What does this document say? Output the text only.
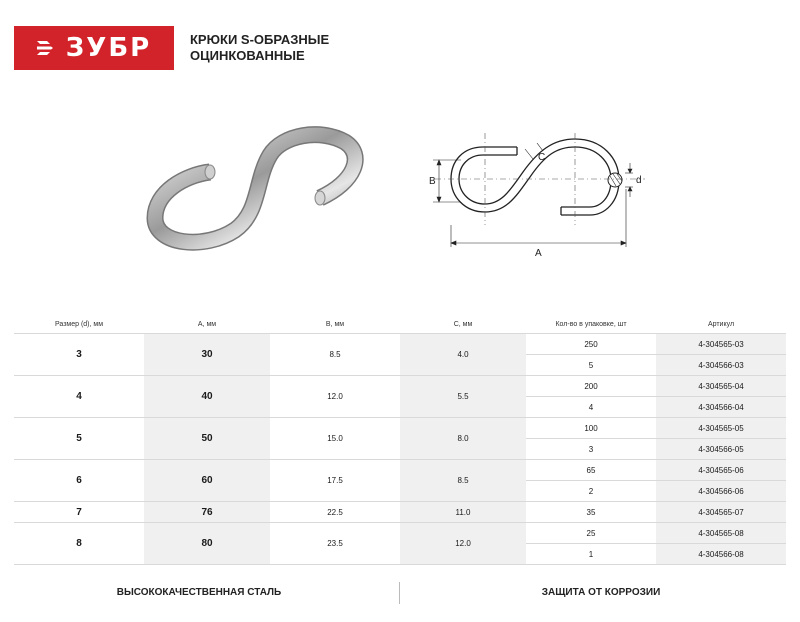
ЗУБР	КРЮКИ S-ОБРАЗНЫЕ
ОЦИНКОВАННЫЕ
B
A
C
d
Размер (d), мм	A, мм	B, мм	C, мм	Кол-во в упаковке, шт	Артикул
3	30	8.5	4.0	250	4-304565-03
				5	4-304566-03
4	40	12.0	5.5	200	4-304565-04
				4	4-304566-04
5	50	15.0	8.0	100	4-304565-05
				3	4-304566-05
6	60	17.5	8.5	65	4-304565-06
				2	4-304566-06
7	76	22.5	11.0	35	4-304565-07
8	80	23.5	12.0	25	4-304565-08
				1	4-304566-08
ВЫСОКОКАЧЕСТВЕННАЯ СТАЛЬ	ЗАЩИТА ОТ КОРРОЗИИ
